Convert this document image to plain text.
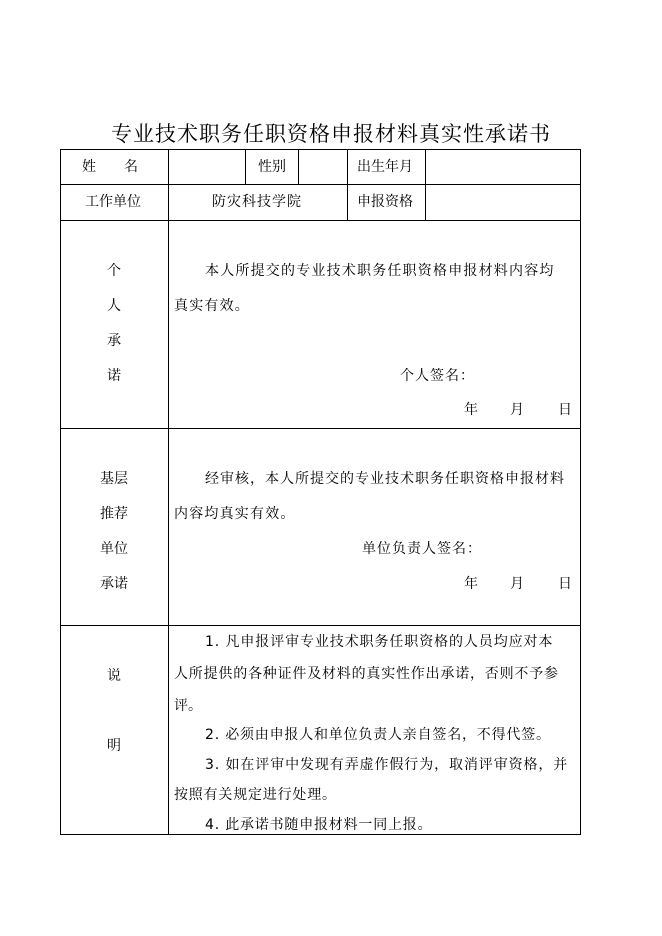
专业技术职务任职资格申报材料真实性承诺书
姓　　名	性别	出生年月
工作单位	防灾科技学院	申报资格
个
人
承
诺
本人所提交的专业技术职务任职资格申报材料内容均
真实有效。
个人签名：
年 月 日
基层
推荐
单位
承诺
经审核，本人所提交的专业技术职务任职资格申报材料
内容均真实有效。
单位负责人签名：
年 月 日
说
明
1. 凡申报评审专业技术职务任职资格的人员均应对本
人所提供的各种证件及材料的真实性作出承诺，否则不予参
评。
2. 必须由申报人和单位负责人亲自签名，不得代签。
3. 如在评审中发现有弄虚作假行为，取消评审资格，并
按照有关规定进行处理。
4. 此承诺书随申报材料一同上报。
